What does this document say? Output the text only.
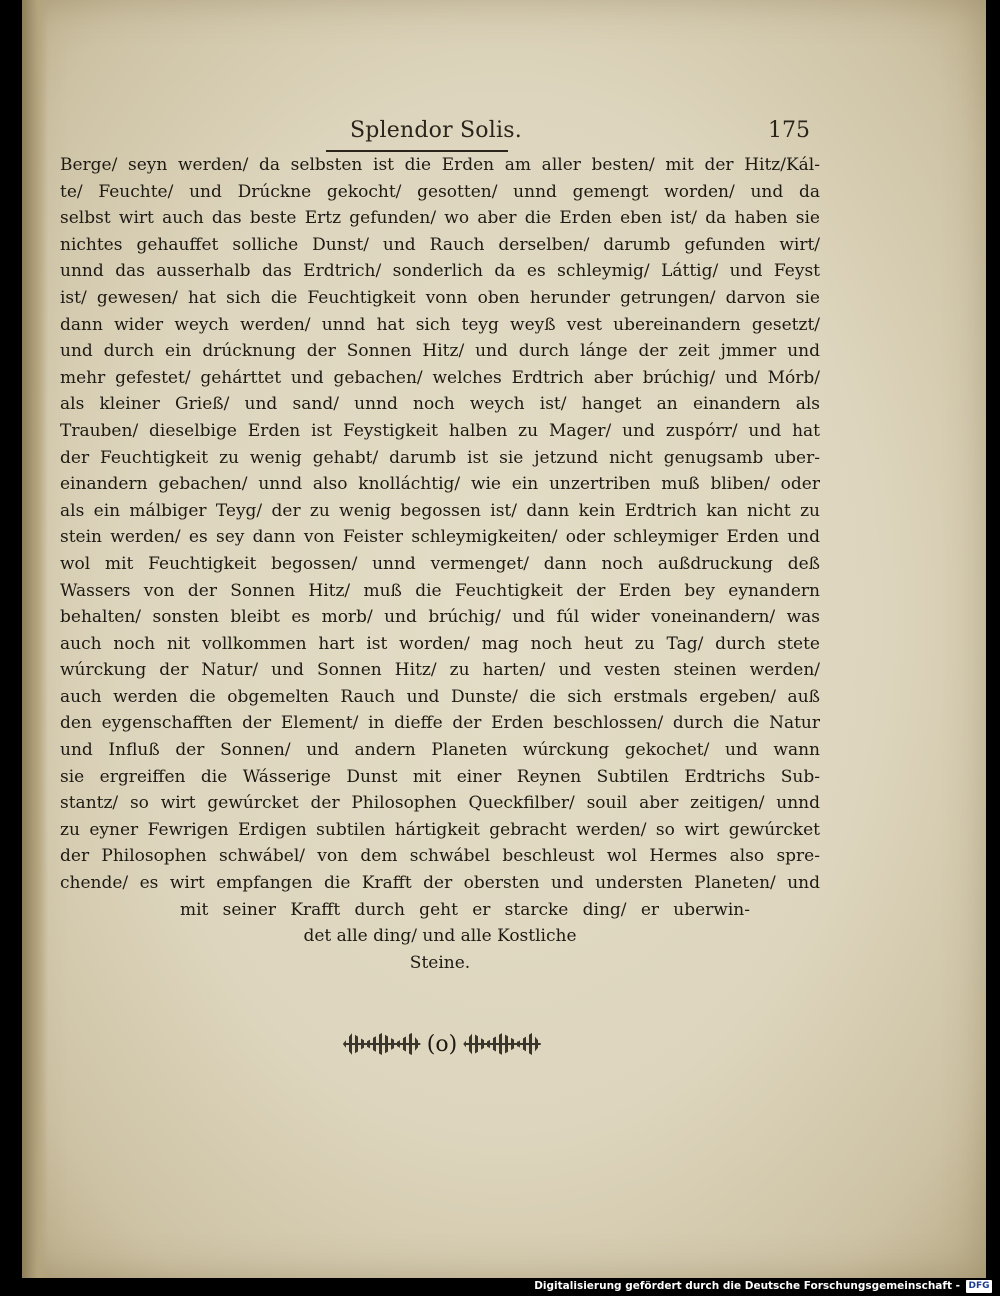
Splendor Solis.	175
Berge/ seyn werden/ da selbsten ist die Erden am aller besten/ mit der Hitz/Kál-
te/ Feuchte/ und Drúckne gekocht/ gesotten/ unnd gemengt worden/ und da
selbst wirt auch das beste Ertz gefunden/ wo aber die Erden eben ist/ da haben sie
nichtes gehauffet solliche Dunst/ und Rauch derselben/ darumb gefunden wirt/
unnd das ausserhalb das Erdtrich/ sonderlich da es schleymig/ Láttig/ und Feyst
ist/ gewesen/ hat sich die Feuchtigkeit vonn oben herunder getrungen/ darvon sie
dann wider weych werden/ unnd hat sich teyg weyß vest ubereinandern gesetzt/
und durch ein drúcknung der Sonnen Hitz/ und durch lánge der zeit jmmer und
mehr gefestet/ gehárttet und gebachen/ welches Erdtrich aber brúchig/ und Mórb/
als kleiner Grieß/ und sand/ unnd noch weych ist/ hanget an einandern als
Trauben/ dieselbige Erden ist Feystigkeit halben zu Mager/ und zuspórr/ und hat
der Feuchtigkeit zu wenig gehabt/ darumb ist sie jetzund nicht genugsamb uber-
einandern gebachen/ unnd also knolláchtig/ wie ein unzertriben muß bliben/ oder
als ein málbiger Teyg/ der zu wenig begossen ist/ dann kein Erdtrich kan nicht zu
stein werden/ es sey dann von Feister schleymigkeiten/ oder schleymiger Erden und
wol mit Feuchtigkeit begossen/ unnd vermenget/ dann noch außdruckung deß
Wassers von der Sonnen Hitz/ muß die Feuchtigkeit der Erden bey eynandern
behalten/ sonsten bleibt es morb/ und brúchig/ und fúl wider voneinandern/ was
auch noch nit vollkommen hart ist worden/ mag noch heut zu Tag/ durch stete
wúrckung der Natur/ und Sonnen Hitz/ zu harten/ und vesten steinen werden/
auch werden die obgemelten Rauch und Dunste/ die sich erstmals ergeben/ auß
den eygenschafften der Element/ in dieffe der Erden beschlossen/ durch die Natur
und Influß der Sonnen/ und andern Planeten wúrckung gekochet/ und wann
sie ergreiffen die Wásserige Dunst mit einer Reynen Subtilen Erdtrichs Sub-
stantz/ so wirt gewúrcket der Philosophen Queckfilber/ souil aber zeitigen/ unnd
zu eyner Fewrigen Erdigen subtilen hártigkeit gebracht werden/ so wirt gewúrcket
der Philosophen schwábel/ von dem schwábel beschleust wol Hermes also spre-
chende/ es wirt empfangen die Krafft der obersten und understen Planeten/ und
mit seiner Krafft durch geht er starcke ding/ er uberwin-
det alle ding/ und alle Kostliche
Steine.
(o)
Digitalisierung gefördert durch die Deutsche Forschungsgemeinschaft - DFG
